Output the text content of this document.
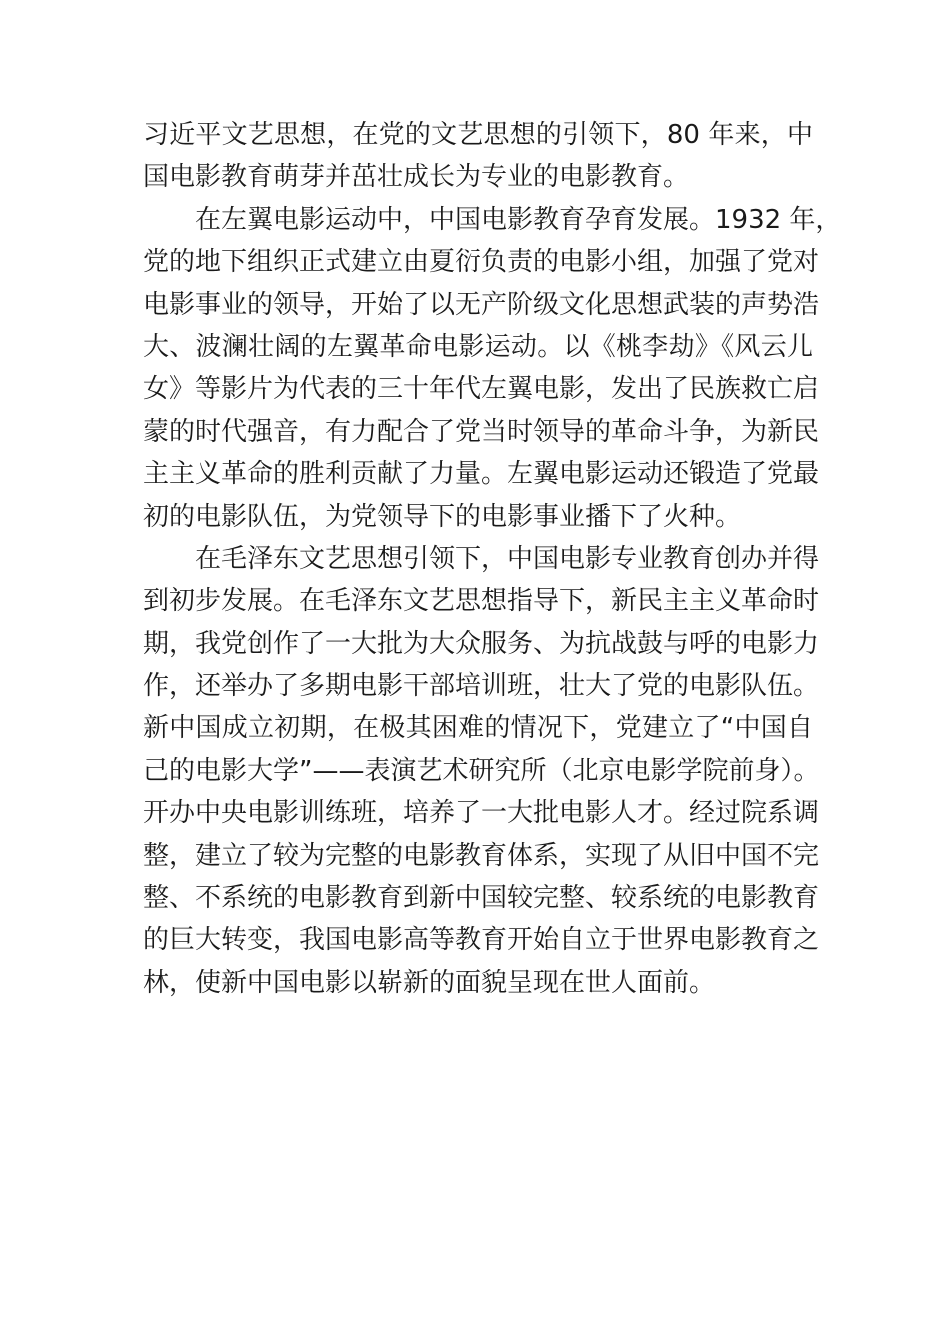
习近平文艺思想，在党的文艺思想的引领下，80 年来，中
国电影教育萌芽并茁壮成长为专业的电影教育。
在左翼电影运动中，中国电影教育孕育发展。1932 年，
党的地下组织正式建立由夏衍负责的电影小组，加强了党对
电影事业的领导，开始了以无产阶级文化思想武装的声势浩
大、波澜壮阔的左翼革命电影运动。以《桃李劫》《风云儿
女》等影片为代表的三十年代左翼电影，发出了民族救亡启
蒙的时代强音，有力配合了党当时领导的革命斗争，为新民
主主义革命的胜利贡献了力量。左翼电影运动还锻造了党最
初的电影队伍，为党领导下的电影事业播下了火种。
在毛泽东文艺思想引领下，中国电影专业教育创办并得
到初步发展。在毛泽东文艺思想指导下，新民主主义革命时
期，我党创作了一大批为大众服务、为抗战鼓与呼的电影力
作，还举办了多期电影干部培训班，壮大了党的电影队伍。
新中国成立初期，在极其困难的情况下，党建立了“中国自
己的电影大学”——表演艺术研究所（北京电影学院前身）。
开办中央电影训练班，培养了一大批电影人才。经过院系调
整，建立了较为完整的电影教育体系，实现了从旧中国不完
整、不系统的电影教育到新中国较完整、较系统的电影教育
的巨大转变，我国电影高等教育开始自立于世界电影教育之
林，使新中国电影以崭新的面貌呈现在世人面前。
